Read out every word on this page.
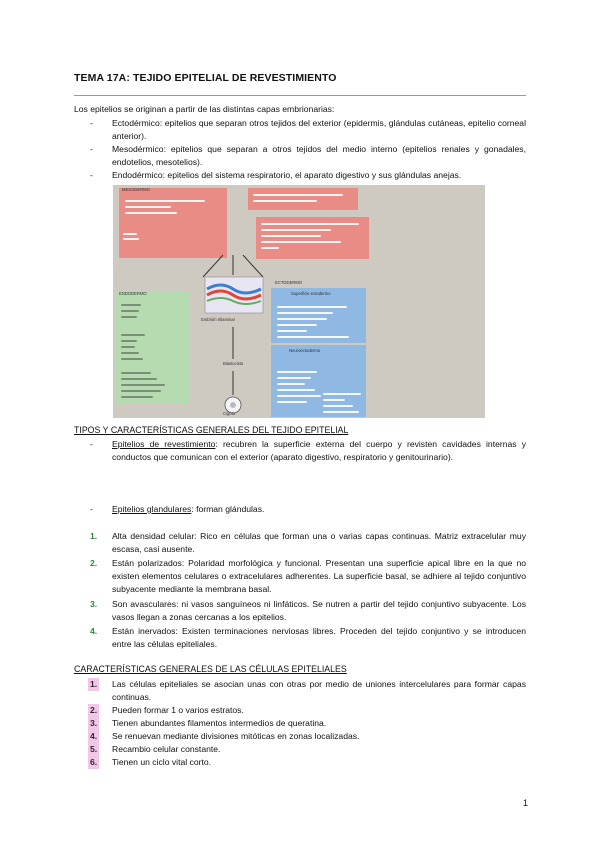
TEMA 17A: TEJIDO EPITELIAL DE REVESTIMIENTO
Los epitelios se originan a partir de las distintas capas embrionarias:
- Ectodérmico: epitelios que separan otros tejidos del exterior (epidermis, glándulas cutáneas, epitelio corneal anterior).
- Mesodérmico: epitelios que separan a otros tejidos del medio interno (epitelios renales y gonadales, endotelios, mesotelios).
- Endodérmico: epitelios del sistema respiratorio, el aparato digestivo y sus glándulas anejas.
MESODERMO
ENDODERMO
ECTODERMO
Superficie ectodermo
Neuroectodermo
Embrión trilaminar
Blastocisto
Cigoto
TIPOS Y CARACTERÍSTICAS GENERALES DEL TEJIDO EPITELIAL
- Epitelios de revestimiento: recubren la superficie externa del cuerpo y revisten cavidades internas y conductos que comunican con el exterior (aparato digestivo, respiratorio y genitourinario).
- Epitelios glandulares: forman glándulas.
1. Alta densidad celular: Rico en células que forman una o varias capas continuas. Matriz extracelular muy escasa, casi ausente.
2. Están polarizados: Polaridad morfológica y funcional. Presentan una superficie apical libre en la que no existen elementos celulares o extracelulares adherentes. La superficie basal, se adhiere al tejido conjuntivo subyacente mediante la membrana basal.
3. Son avasculares: ni vasos sanguíneos ni linfáticos. Se nutren a partir del tejido conjuntivo subyacente. Los vasos llegan a zonas cercanas a los epitelios.
4. Están inervados: Existen terminaciones nerviosas libres. Proceden del tejido conjuntivo y se introducen entre las células epiteliales.
CARACTERÍSTICAS GENERALES DE LAS CÉLULAS EPITELIALES
1. Las células epiteliales se asocian unas con otras por medio de uniones intercelulares para formar capas continuas.
2. Pueden formar 1 o varios estratos.
3. Tienen abundantes filamentos intermedios de queratina.
4. Se renuevan mediante divisiones mitóticas en zonas localizadas.
5. Recambio celular constante.
6. Tienen un ciclo vital corto.
1
